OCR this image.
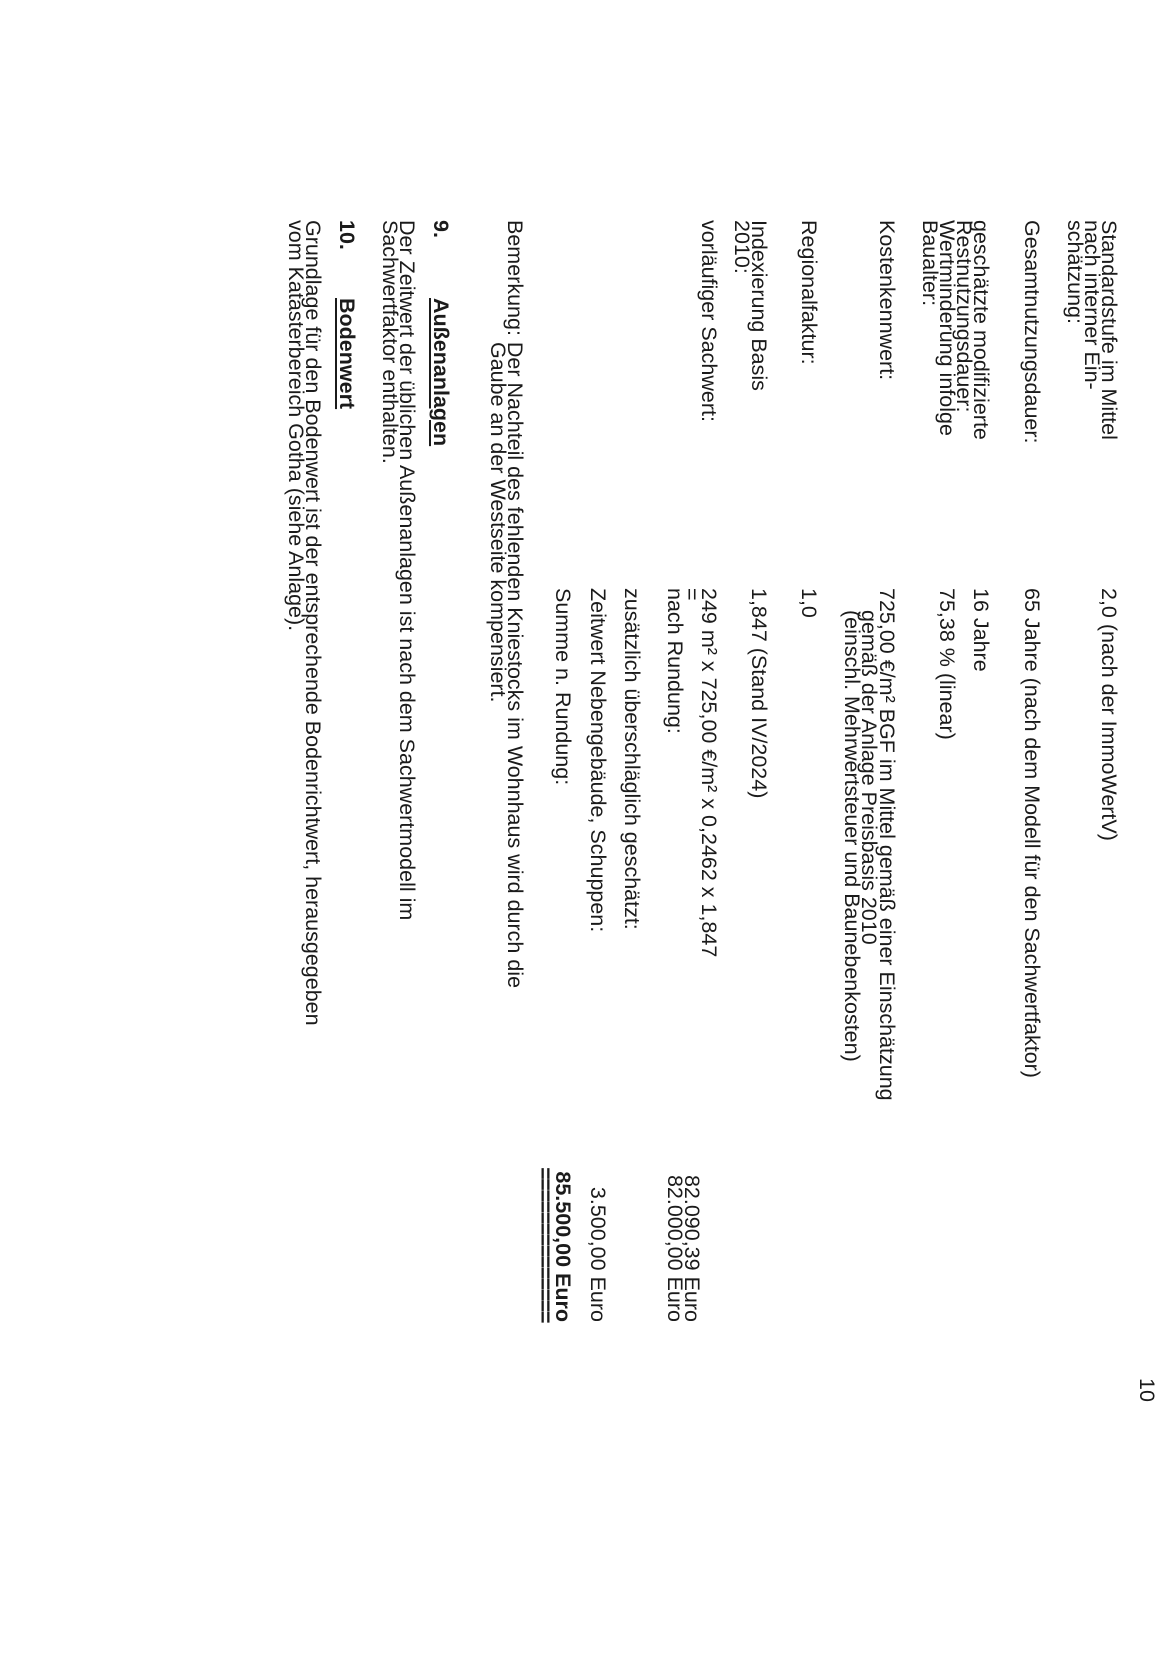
10
Standardstufe im Mittel
nach interner Ein-
schätzung:
2,0 (nach der ImmoWertV)
Gesamtnutzungsdauer:
65 Jahre (nach dem Modell für den Sachwertfaktor)
geschätzte modifizierte
Restnutzungsdauer:
Wertminderung infolge
Baualter:
16 Jahre
75,38 % (linear)
Kostenkennwert:
725,00 €/m² BGF im Mittel gemäß einer Einschätzung
gemäß der Anlage Preisbasis 2010
(einschl. Mehrwertsteuer und Baunebenkosten)
Regionalfaktur:
1,0
Indexierung Basis
2010:
1,847 (Stand IV/2024)
vorläufiger Sachwert:
249 m² x 725,00 €/m² x 0,2462 x 1,847
=
82.090,39 Euro
nach Rundung:
82.000,00 Euro
zusätzlich überschläglich geschätzt:
Zeitwert Nebengebäude, Schuppen:
3.500,00 Euro
Summe n. Rundung:
85.500,00 Euro
==============
Bemerkung: Der Nachteil des fehlenden Kniestocks im Wohnhaus wird durch die
Gaube an der Westseite kompensiert.
9.
Außenanlagen
Der Zeitwert der üblichen Außenanlagen ist nach dem Sachwertmodell im
Sachwertfaktor enthalten.
10.
Bodenwert
Grundlage für den Bodenwert ist der entsprechende Bodenrichtwert, herausgegeben
vom Katasterbereich Gotha (siehe Anlage).
